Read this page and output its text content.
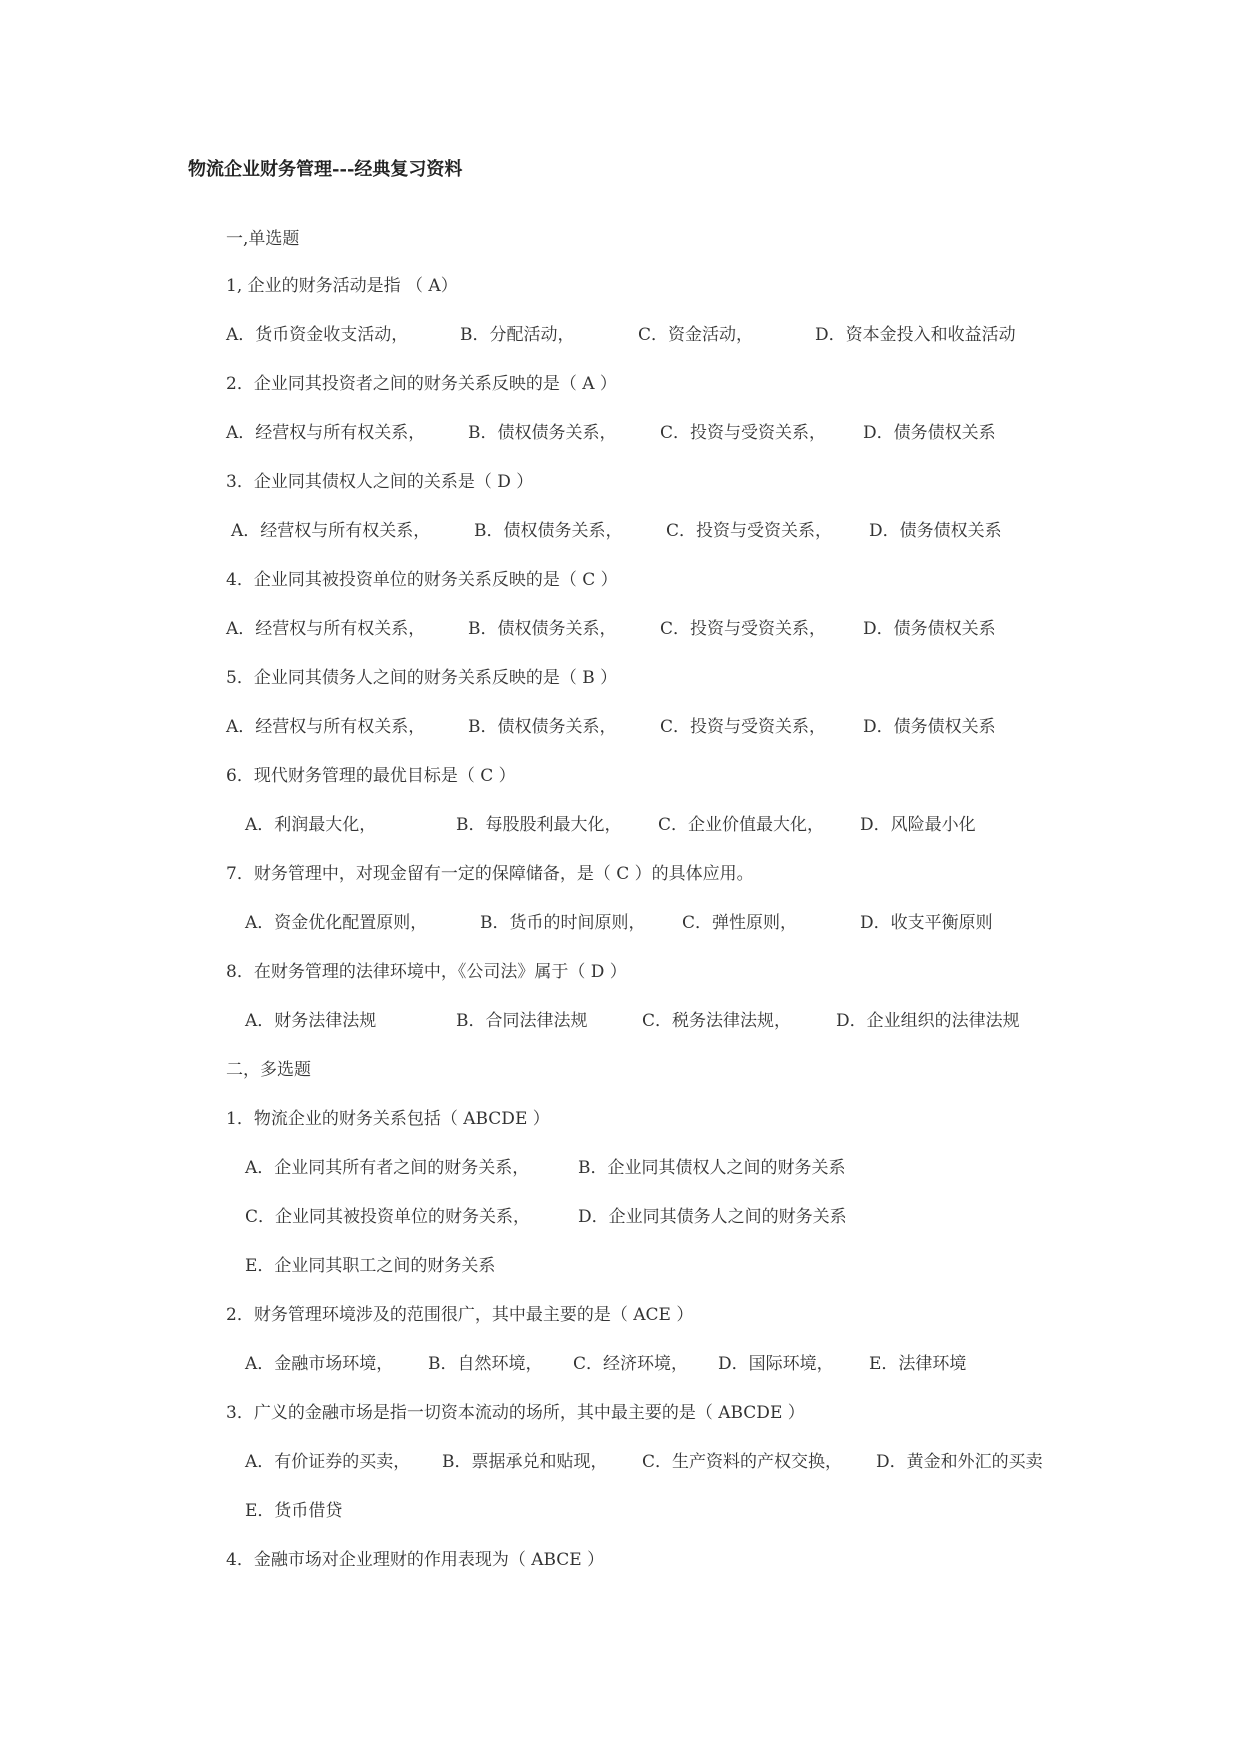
物流企业财务管理---经典复习资料
一,单选题
1, 企业的财务活动是指 （ A）
A．货币资金收支活动，	B．分配活动，	C．资金活动，	D．资本金投入和收益活动
2．企业同其投资者之间的财务关系反映的是（ A ）
A．经营权与所有权关系，	B．债权债务关系，	C．投资与受资关系， D．债务债权关系
3．企业同其债权人之间的关系是（ D ）
A．经营权与所有权关系，	B．债权债务关系，	C．投资与受资关系， D．债务债权关系
4．企业同其被投资单位的财务关系反映的是（ C ）
A．经营权与所有权关系，	B．债权债务关系，	C．投资与受资关系， D．债务债权关系
5．企业同其债务人之间的财务关系反映的是（ B ）
A．经营权与所有权关系，	B．债权债务关系，	C．投资与受资关系， D．债务债权关系
6．现代财务管理的最优目标是（ C ）
A．利润最大化，	B．每股股利最大化， C．企业价值最大化， D．风险最小化
7．财务管理中，对现金留有一定的保障储备，是（ C ）的具体应用。
A．资金优化配置原则，	B．货币的时间原则， C．弹性原则，	D．收支平衡原则
8．在财务管理的法律环境中，《公司法》属于（ D ）
A．财务法律法规	B．合同法律法规	C．税务法律法规，	D．企业组织的法律法规
二，多选题
1．物流企业的财务关系包括（ ABCDE ）
A．企业同其所有者之间的财务关系，	B．企业同其债权人之间的财务关系
C．企业同其被投资单位的财务关系，	D．企业同其债务人之间的财务关系
E．企业同其职工之间的财务关系
2．财务管理环境涉及的范围很广，其中最主要的是（ ACE ）
A．金融市场环境， B．自然环境， C．经济环境， D．国际环境， E．法律环境
3．广义的金融市场是指一切资本流动的场所，其中最主要的是（ ABCDE ）
A．有价证券的买卖， B．票据承兑和贴现， C．生产资料的产权交换， D．黄金和外汇的买卖
E．货币借贷
4．金融市场对企业理财的作用表现为（ ABCE ）
